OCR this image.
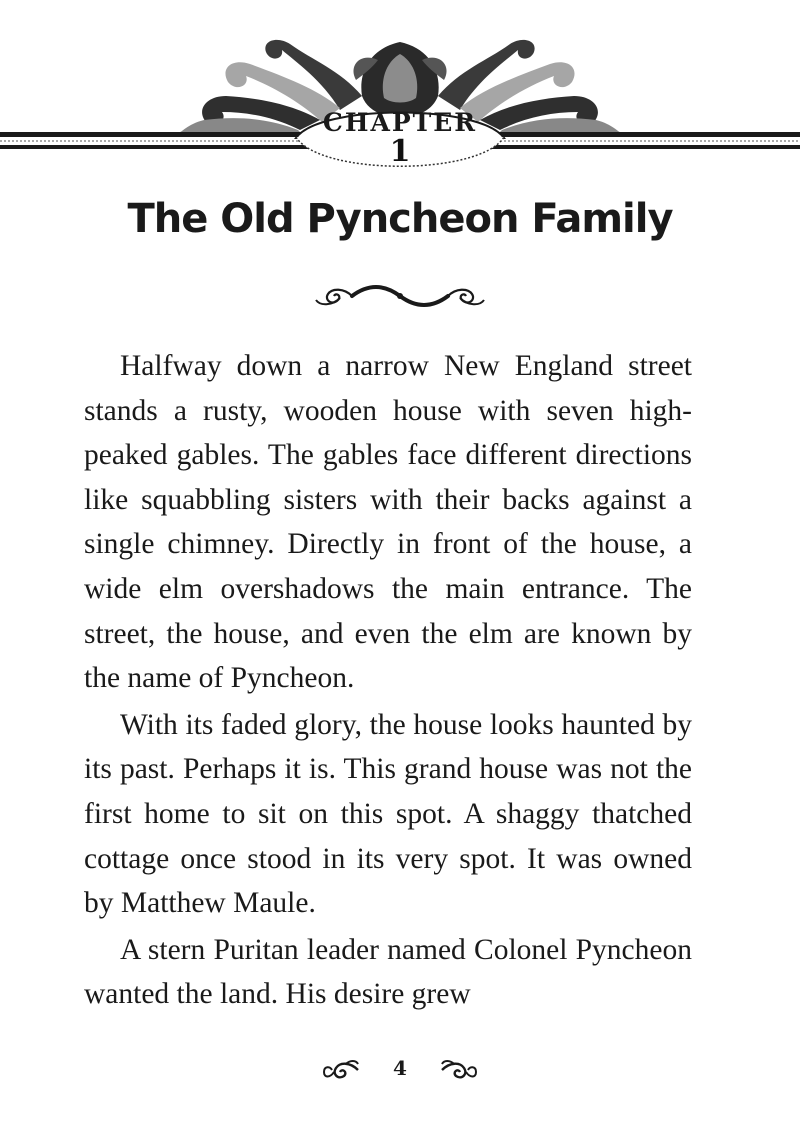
CHAPTER
1
The Old Pyncheon Family

Halfway down a narrow New England street stands a rusty, wooden house with seven high-peaked gables. The gables face different directions like squabbling sisters with their backs against a single chimney. Directly in front of the house, a wide elm overshadows the main entrance. The street, the house, and even the elm are known by the name of Pyncheon.

With its faded glory, the house looks haunted by its past. Perhaps it is. This grand house was not the first home to sit on this spot. A shaggy thatched cottage once stood in its very spot. It was owned by Matthew Maule.

A stern Puritan leader named Colonel Pyncheon wanted the land. His desire grew

4
